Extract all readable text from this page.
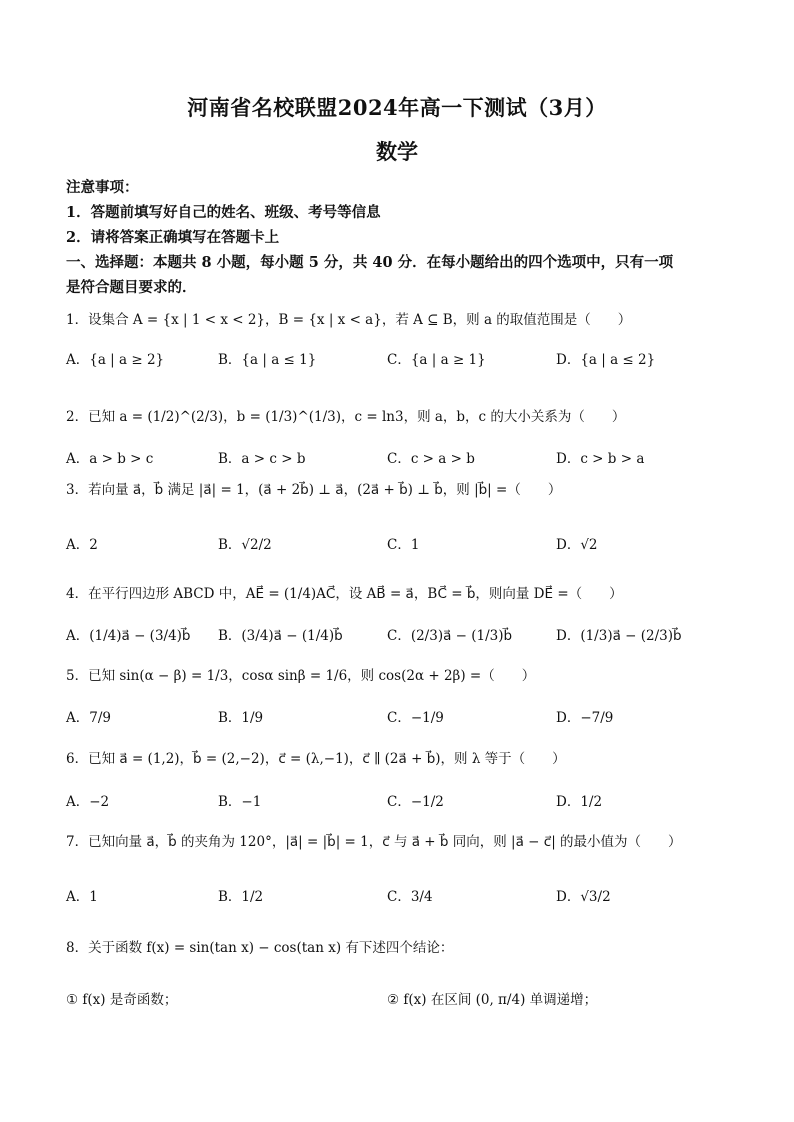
河南省名校联盟2024年高一下测试（3月）
数学
注意事项：
1．答题前填写好自己的姓名、班级、考号等信息
2．请将答案正确填写在答题卡上
一、选择题：本题共 8 小题，每小题 5 分，共 40 分．在每小题给出的四个选项中，只有一项
是符合题目要求的．
1．设集合 A = {x | 1 < x < 2}，B = {x | x < a}，若 A ⊆ B，则 a 的取值范围是（　　）
A．{a | a ≥ 2}	B．{a | a ≤ 1}	C．{a | a ≥ 1}	D．{a | a ≤ 2}
2．已知 a = (1/2)^(2/3)，b = (1/3)^(1/3)，c = ln3，则 a，b，c 的大小关系为（　　）
A．a > b > c	B．a > c > b	C．c > a > b	D．c > b > a
3．若向量 a⃗，b⃗ 满足 |a⃗| = 1，(a⃗ + 2b⃗) ⊥ a⃗，(2a⃗ + b⃗) ⊥ b⃗，则 |b⃗| =（　　）
A．2	B．√2/2	C．1	D．√2
4．在平行四边形 ABCD 中，AE⃗ = (1/4)AC⃗，设 AB⃗ = a⃗，BC⃗ = b⃗，则向量 DE⃗ =（　　）
A．(1/4)a⃗ − (3/4)b⃗ B．(3/4)a⃗ − (1/4)b⃗	C．(2/3)a⃗ − (1/3)b⃗	D．(1/3)a⃗ − (2/3)b⃗
5．已知 sin(α − β) = 1/3，cosα sinβ = 1/6，则 cos(2α + 2β) =（　　）
A．7/9	B．1/9	C．−1/9	D．−7/9
6．已知 a⃗ = (1,2)，b⃗ = (2,−2)，c⃗ = (λ,−1)，c⃗ ∥ (2a⃗ + b⃗)，则 λ 等于（　　）
A．−2	B．−1	C．−1/2	D．1/2
7．已知向量 a⃗，b⃗ 的夹角为 120°，|a⃗| = |b⃗| = 1，c⃗ 与 a⃗ + b⃗ 同向，则 |a⃗ − c⃗| 的最小值为（　　）
A．1	B．1/2	C．3/4	D．√3/2
8．关于函数 f(x) = sin(tan x) − cos(tan x) 有下述四个结论：
① f(x) 是奇函数；	② f(x) 在区间 (0, π/4) 单调递增；
